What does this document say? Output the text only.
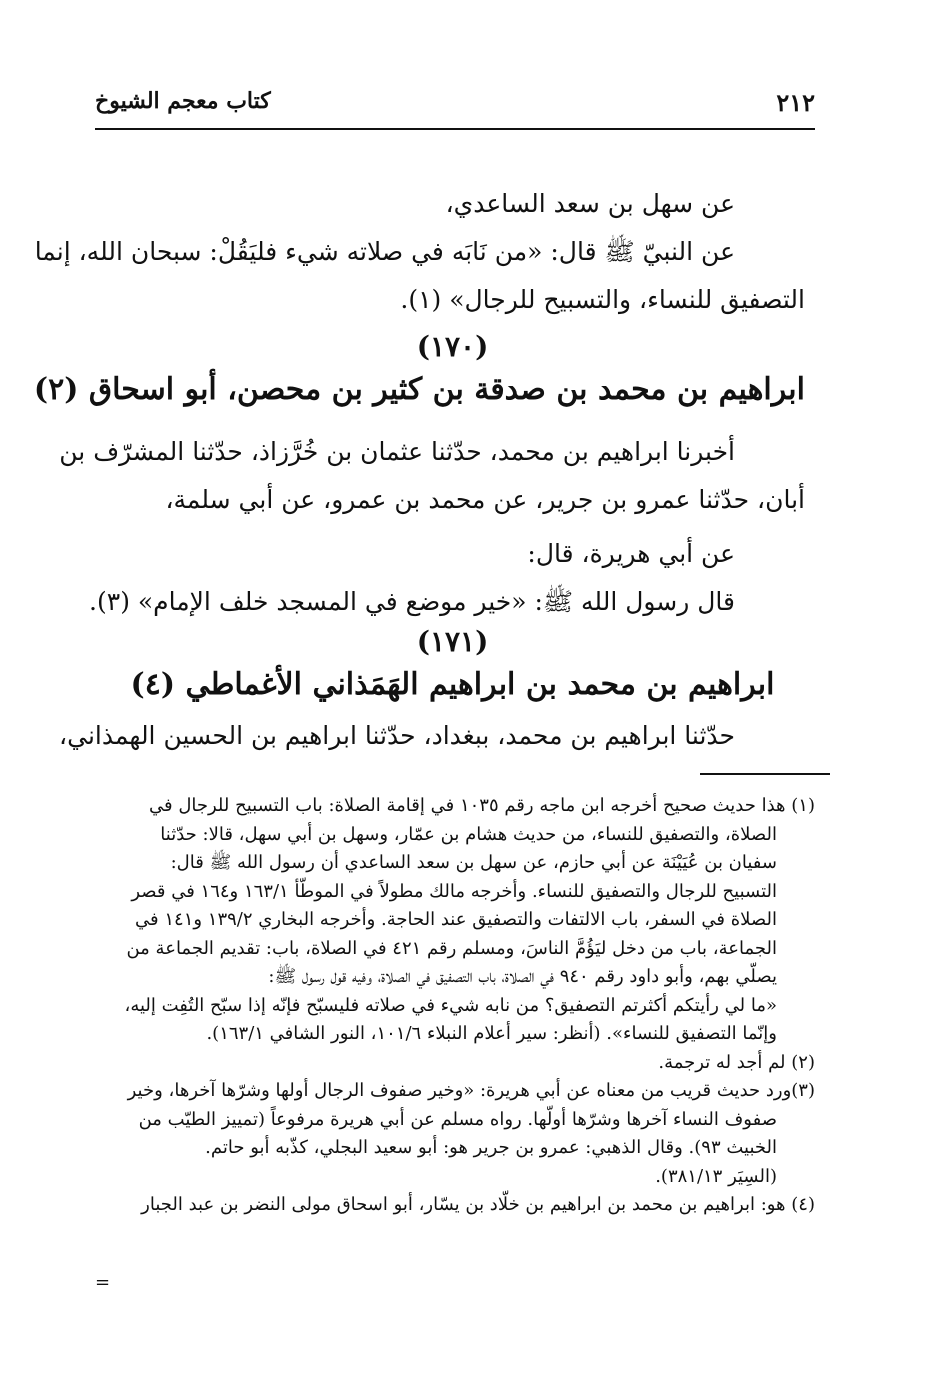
٢١٢
كتاب معجم الشيوخ
عن سهل بن سعد الساعدي،
عن النبيّ ﷺ قال: «من نَابَه في صلاته شيء فليَقُلْ: سبحان الله، إنما
التصفيق للنساء، والتسبيح للرجال» (١).
(١٧٠)
ابراهيم بن محمد بن صدقة بن كثير بن محصن، أبو اسحاق (٢)
أخبرنا ابراهيم بن محمد، حدّثنا عثمان بن خُرَّزاذ، حدّثنا المشرّف بن
أبان، حدّثنا عمرو بن جرير، عن محمد بن عمرو، عن أبي سلمة،
عن أبي هريرة، قال:
قال رسول الله ﷺ: «خير موضع في المسجد خلف الإمام» (٣).
(١٧١)
ابراهيم بن محمد بن ابراهيم الهَمَذاني الأغماطي (٤)
حدّثنا ابراهيم بن محمد، ببغداد، حدّثنا ابراهيم بن الحسين الهمذاني،
(١) هذا حديث صحيح أخرجه ابن ماجه رقم ١٠٣٥ في إقامة الصلاة: باب التسبيح للرجال في
الصلاة، والتصفيق للنساء، من حديث هشام بن عمّار، وسهل بن أبي سهل، قالا: حدّثنا
سفيان بن عُيَيْنَة عن أبي حازم، عن سهل بن سعد الساعدي أن رسول الله ﷺ قال:
التسبيح للرجال والتصفيق للنساء. وأخرجه مالك مطولاً في الموطّأ ١٦٣/١ و١٦٤ في قصر
الصلاة في السفر، باب الالتفات والتصفيق عند الحاجة. وأخرجه البخاري ١٣٩/٢ و١٤١ في
الجماعة، باب من دخل ليَؤُمَّ الناسَ، ومسلم رقم ٤٢١ في الصلاة، باب: تقديم الجماعة من
يصلّي بهم، وأبو داود رقم ٩٤٠ في الصلاة، باب التصفيق في الصلاة، وفيه قول رسول ﷺ:
«ما لي رأيتكم أكثرتم التصفيق؟ من نابه شيء في صلاته فليسبّح فإنّه إذا سبّح التُفِت إليه،
وإنّما التصفيق للنساء». (أنظر: سير أعلام النبلاء ١٠١/٦، النور الشافي ١٦٣/١).
(٢) لم أجد له ترجمة.
(٣)ورد حديث قريب من معناه عن أبي هريرة: «وخير صفوف الرجال أولها وشرّها آخرها، وخير
صفوف النساء آخرها وشرّها أولّها. رواه مسلم عن أبي هريرة مرفوعاً (تمييز الطيّب من
الخبيث ٩٣). وقال الذهبي: عمرو بن جرير هو: أبو سعيد البجلي، كذّبه أبو حاتم.
(السِيَر ٣٨١/١٣).
(٤) هو: ابراهيم بن محمد بن ابراهيم بن خلّاد بن يسّار، أبو اسحاق مولى النضر بن عبد الجبار
=
